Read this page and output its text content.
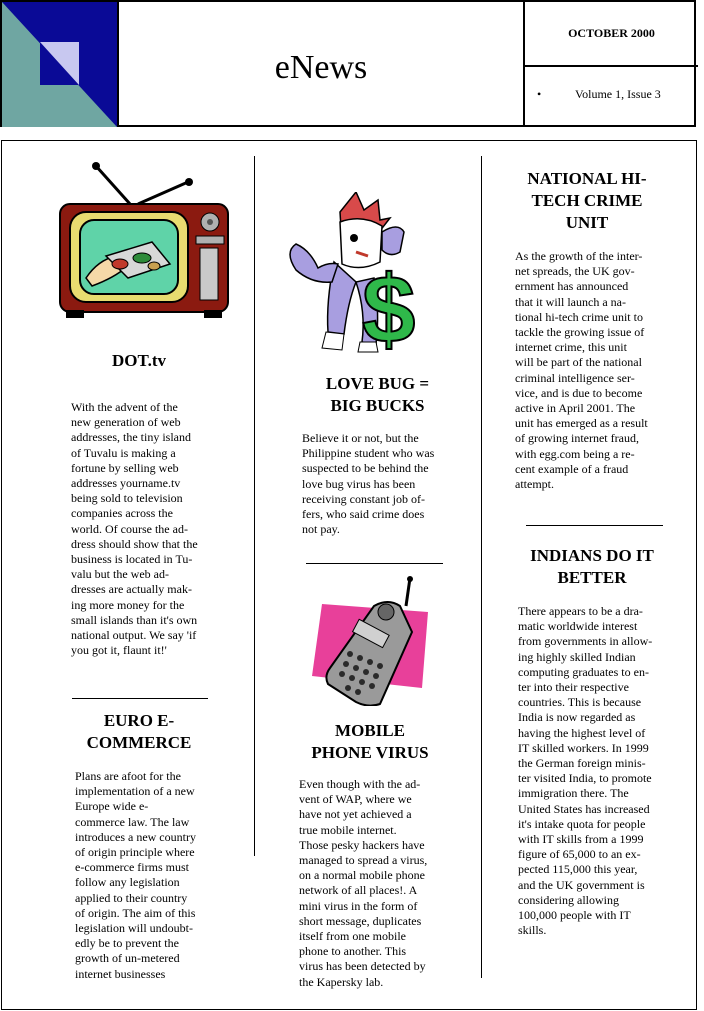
eNews
OCTOBER 2000
•	Volume 1, Issue 3
$
DOT.tv
With the advent of the
new generation of web
addresses, the tiny island
of Tuvalu is making a
fortune by selling web
addresses yourname.tv
being sold to television
companies across the
world. Of course the ad-
dress should show that the
business is located in Tu-
valu but the web ad-
dresses are actually mak-
ing more money for the
small islands than it's own
national output. We say 'if
you got it, flaunt it!'
EURO E-
COMMERCE
Plans are afoot for the
implementation of a new
Europe wide e-
commerce law. The law
introduces a new country
of origin principle where
e-commerce firms must
follow any legislation
applied to their country
of origin. The aim of this
legislation will undoubt-
edly be to prevent the
growth of un-metered
internet businesses
LOVE BUG =
BIG BUCKS
Believe it or not, but the
Philippine student who was
suspected to be behind the
love bug virus has been
receiving constant job of-
fers, who said crime does
not pay.
MOBILE
PHONE VIRUS
Even though with the ad-
vent of WAP, where we
have not yet achieved a
true mobile internet.
Those pesky hackers have
managed to spread a virus,
on a normal mobile phone
network of all places!. A
mini virus in the form of
short message, duplicates
itself from one mobile
phone to another. This
virus has been detected by
the Kapersky lab.
NATIONAL HI-
TECH CRIME
UNIT
As the growth of the inter-
net spreads, the UK gov-
ernment has announced
that it will launch a na-
tional hi-tech crime unit to
tackle the growing issue of
internet crime, this unit
will be part of the national
criminal intelligence ser-
vice, and is due to become
active in April 2001. The
unit has emerged as a result
of growing internet fraud,
with egg.com being a re-
cent example of a fraud
attempt.
INDIANS DO IT
BETTER
There appears to be a dra-
matic worldwide interest
from governments in allow-
ing highly skilled Indian
computing graduates to en-
ter into their respective
countries. This is because
India is now regarded as
having the highest level of
IT skilled workers. In 1999
the German foreign minis-
ter visited India, to promote
immigration there. The
United States has increased
it's intake quota for people
with IT skills from a 1999
figure of 65,000 to an ex-
pected 115,000 this year,
and the UK government is
considering allowing
100,000 people with IT
skills.
